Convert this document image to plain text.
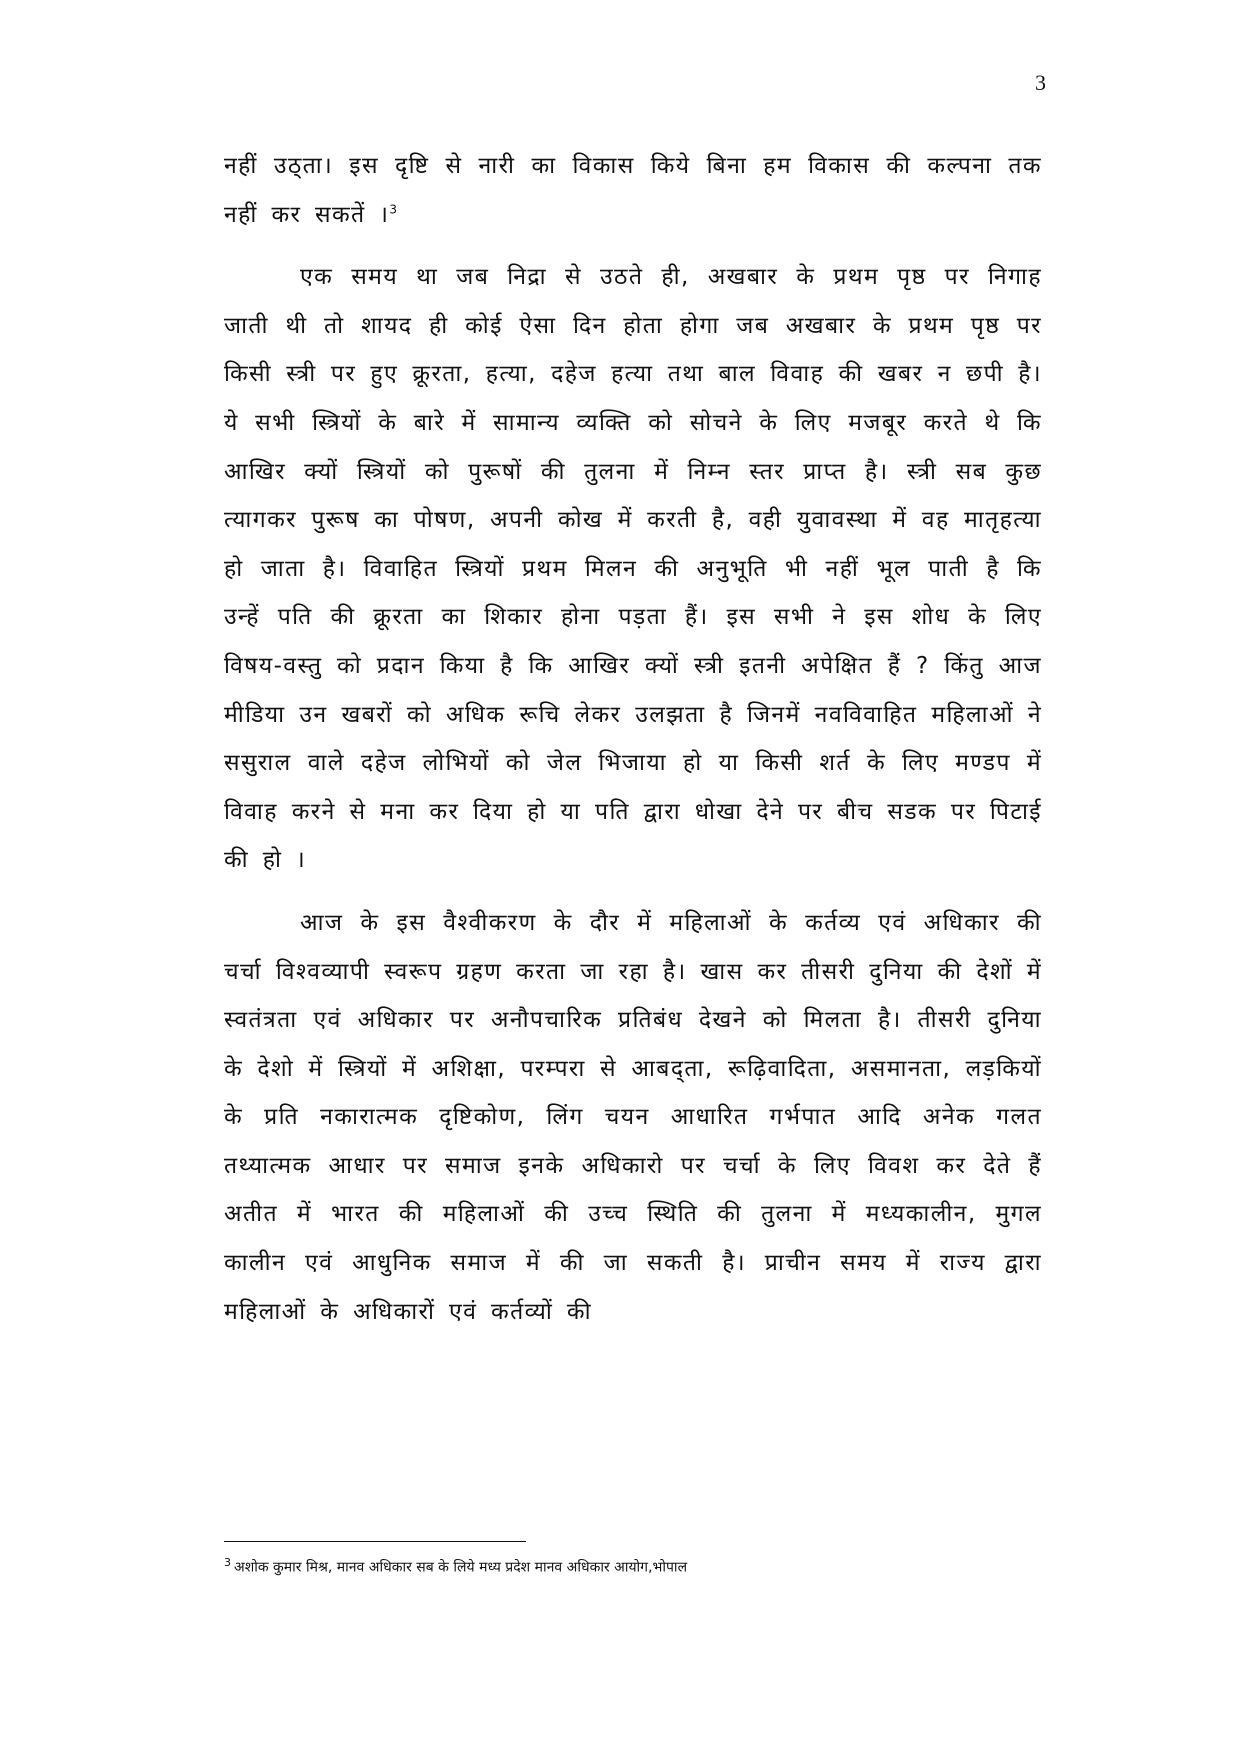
3

नहीं उठ्ता। इस दृष्टि से नारी का विकास किये बिना हम विकास की कल्पना तक नहीं कर सकतें ।$^3$

एक समय था जब निद्रा से उठते ही, अखबार के प्रथम पृष्ठ पर निगाह जाती थी तो शायद ही कोई ऐसा दिन होता होगा जब अखबार के प्रथम पृष्ठ पर किसी स्त्री पर हुए क्रूरता, हत्या, दहेज हत्या तथा बाल विवाह की खबर न छपी है। ये सभी स्त्रियों के बारे में सामान्य व्यक्ति को सोचने के लिए मजबूर करते थे कि आखिर क्यों स्त्रियों को पुरूषों की तुलना में निम्न स्तर प्राप्त है। स्त्री सब कुछ त्यागकर पुरूष का पोषण, अपनी कोख में करती है, वही युवावस्था में वह मातृहत्या हो जाता है। विवाहित स्त्रियों प्रथम मिलन की अनुभूति भी नहीं भूल पाती है कि उन्हें पति की क्रूरता का शिकार होना पड़ता हैं। इस सभी ने इस शोध के लिए विषय-वस्तु को प्रदान किया है कि आखिर क्यों स्त्री इतनी अपेक्षित हैं ? किंतु आज मीडिया उन खबरों को अधिक रूचि लेकर उलझता है जिनमें नवविवाहित महिलाओं ने ससुराल वाले दहेज लोभियों को जेल भिजाया हो या किसी शर्त के लिए मण्डप में विवाह करने से मना कर दिया हो या पति द्वारा धोखा देने पर बीच सडक पर पिटाई की हो ।

आज के इस वैश्वीकरण के दौर में महिलाओं के कर्तव्य एवं अधिकार की चर्चा विश्वव्यापी स्वरूप ग्रहण करता जा रहा है। खास कर तीसरी दुनिया की देशों में स्वतंत्रता एवं अधिकार पर अनौपचारिक प्रतिबंध देखने को मिलता है। तीसरी दुनिया के देशो में स्त्रियों में अशिक्षा, परम्परा से आबद्ता, रूढ़िवादिता, असमानता, लड़कियों के प्रति नकारात्मक दृष्टिकोण, लिंग चयन आधारित गर्भपात आदि अनेक गलत तथ्यात्मक आधार पर समाज इनके अधिकारो पर चर्चा के लिए विवश कर देते हैं अतीत में भारत की महिलाओं की उच्च स्थिति की तुलना में मध्यकालीन, मुगल कालीन एवं आधुनिक समाज में की जा सकती है। प्राचीन समय में राज्य द्वारा महिलाओं के अधिकारों एवं कर्तव्यों की

$^3$ अशोक कुमार मिश्र, मानव अधिकार सब के लिये मध्य प्रदेश मानव अधिकार आयोग,भोपाल
